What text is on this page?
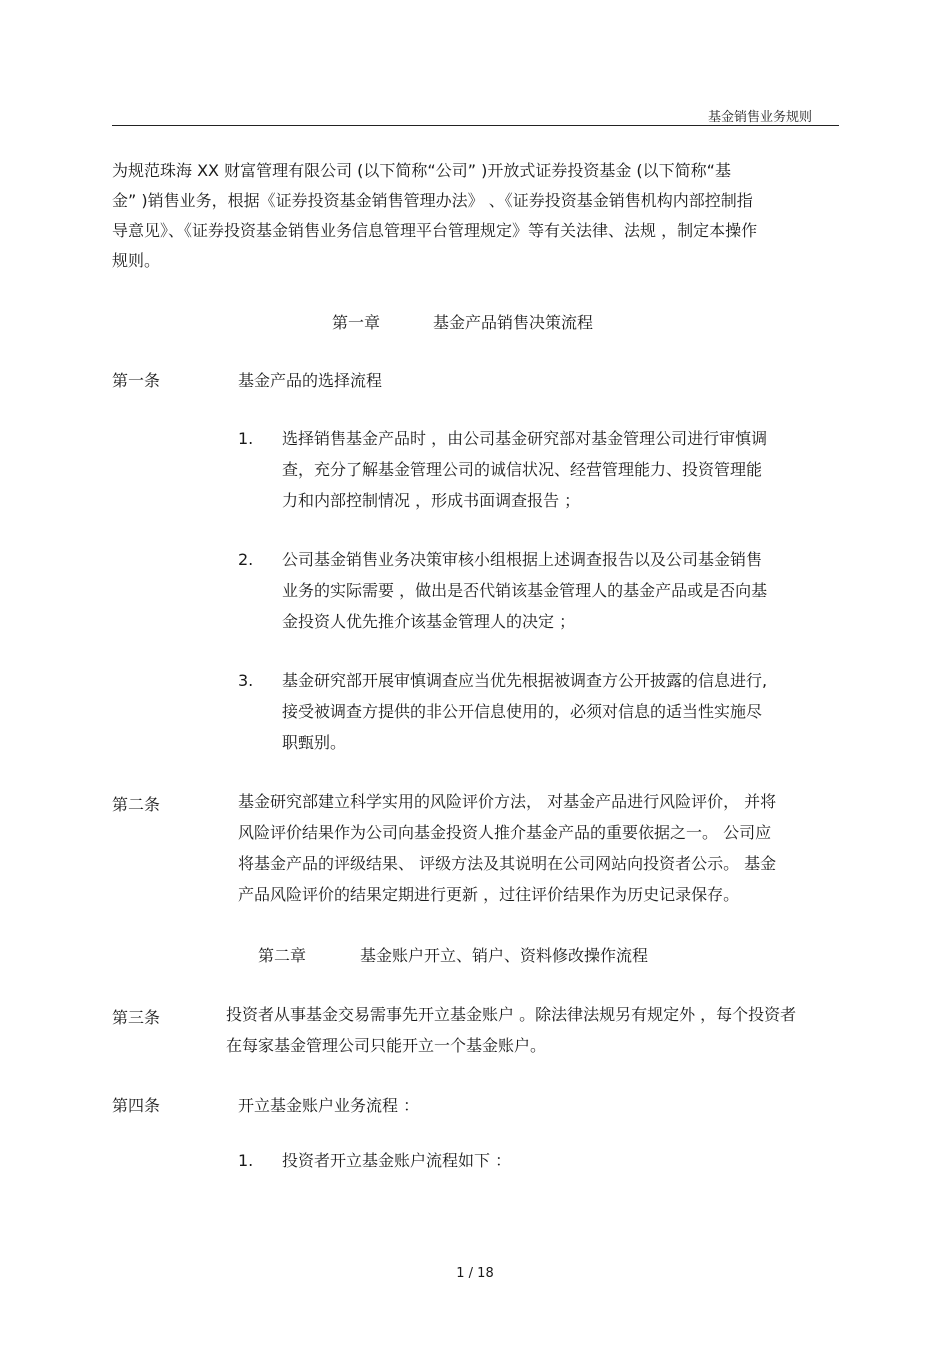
基金销售业务规则
为规范珠海 XX 财富管理有限公司 (以下简称“公司” )开放式证券投资基金 (以下简称“基
金” )销售业务，根据《证券投资基金销售管理办法》 、《证券投资基金销售机构内部控制指
导意见》、《证券投资基金销售业务信息管理平台管理规定》等有关法律、法规 ，制定本操作
规则。
第一章	基金产品销售决策流程
第一条	基金产品的选择流程
1. 选择销售基金产品时 ，由公司基金研究部对基金管理公司进行审慎调
查，充分了解基金管理公司的诚信状况、经营管理能力、投资管理能
力和内部控制情况 ，形成书面调查报告 ；
2. 公司基金销售业务决策审核小组根据上述调查报告以及公司基金销售
业务的实际需要 ，做出是否代销该基金管理人的基金产品或是否向基
金投资人优先推介该基金管理人的决定 ；
3. 基金研究部开展审慎调查应当优先根据被调查方公开披露的信息进行,
接受被调查方提供的非公开信息使用的，必须对信息的适当性实施尽
职甄别。
第二条	基金研究部建立科学实用的风险评价方法， 对基金产品进行风险评价， 并将
风险评价结果作为公司向基金投资人推介基金产品的重要依据之一。 公司应
将基金产品的评级结果、 评级方法及其说明在公司网站向投资者公示。 基金
产品风险评价的结果定期进行更新 ，过往评价结果作为历史记录保存。
第二章	基金账户开立、销户、资料修改操作流程
第三条	投资者从事基金交易需事先开立基金账户 。除法律法规另有规定外 ，每个投资者
在每家基金管理公司只能开立一个基金账户。
第四条	开立基金账户业务流程 ：
1. 投资者开立基金账户流程如下 ：
1 / 18
